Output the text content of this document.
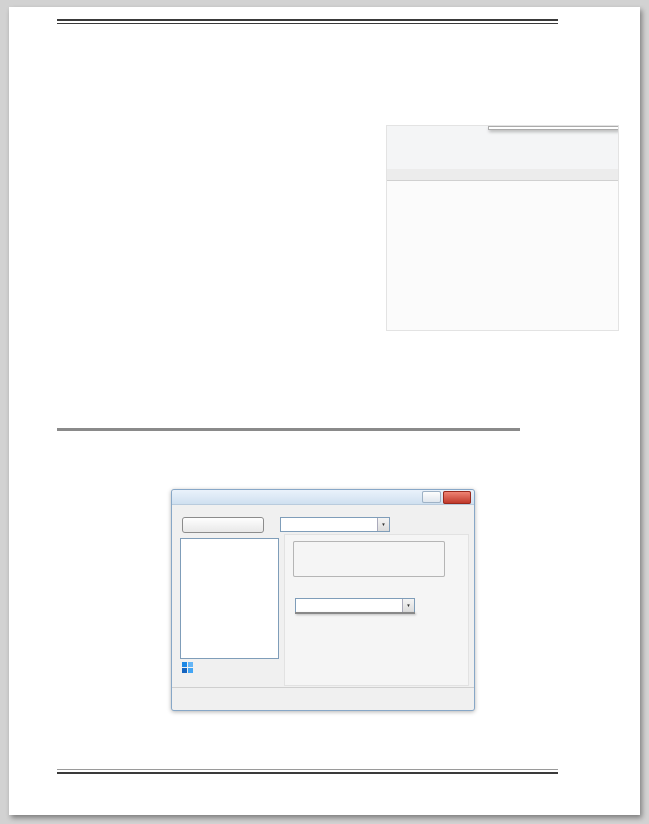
▼
▼
